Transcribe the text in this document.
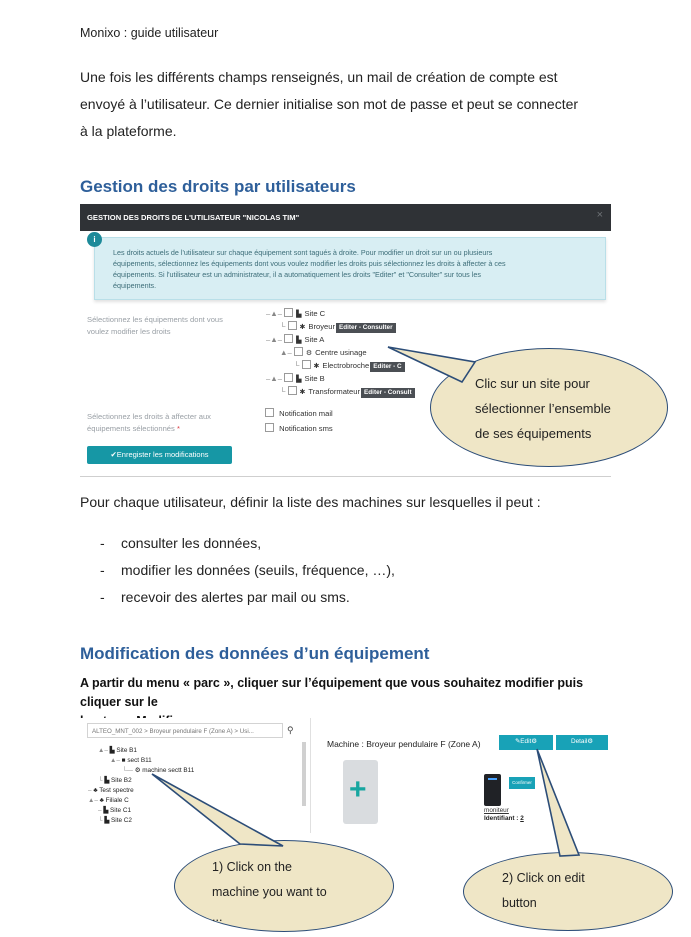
Monixo : guide utilisateur
Une fois les différents champs renseignés, un mail de création de compte est
envoyé à l’utilisateur. Ce dernier initialise son mot de passe et peut se connecter
à la plateforme.
Gestion des droits par utilisateurs
GESTION DES DROITS DE L'UTILISATEUR "NICOLAS TIM"	×
i
Les droits actuels de l'utilisateur sur chaque équipement sont tagués à droite. Pour modifier un droit sur un ou plusieurs
équipements, sélectionnez les équipements dont vous voulez modifier les droits puis sélectionnez les droits à affecter à ces
équipements. Si l'utilisateur est un administrateur, il a automatiquement les droits "Editer" et "Consulter" sur tous les
équipements.
Sélectionnez les équipements dont vous
voulez modifier les droits
–▲– ▙ Site C
└ ✱ Broyeur Editer - Consulter
–▲– ▙ Site A
▲– ⚙ Centre usinage
└ ✱ Electrobroche Editer - C
–▲– ▙ Site B
└ ✱ Transformateur Editer - Consult
Sélectionnez les droits à affecter aux
équipements sélectionnés *
Notification mail
Notification sms
✔Enregister les modifications
Clic sur un site pour
sélectionner l’ensemble
de ses équipements
Pour chaque utilisateur, définir la liste des machines sur lesquelles il peut :
- consulter les données,
- modifier les données (seuils, fréquence, …),
- recevoir des alertes par mail ou sms.
Modification des données d’un équipement
A partir du menu « parc », cliquer sur l’équipement que vous souhaitez modifier puis cliquer sur le
ALTEO_MNT_002 > Broyeur pendulaire F (Zone A) > Usi...	⚲
▲– ▙ Site B1
▲– ■ sect B11
└— ⚙ machine sectt B11
└ ▙ Site B2
– ♣ Test spectre
▲– ♣ Filiale C
– ▙ Site C1
└ ▙ Site C2
Machine : Broyeur pendulaire F (Zone A)	✎Edit⚙	Detail⚙
+	Confirmer
moniteur
Identifiant : 2
1) Click on the
machine you want to
...
2) Click on edit
button
